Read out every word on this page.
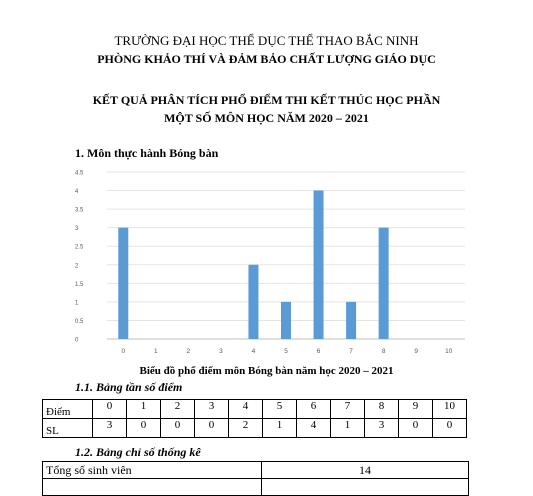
TRƯỜNG ĐẠI HỌC THỂ DỤC THỂ THAO BẮC NINH
PHÒNG KHẢO THÍ VÀ ĐẢM BẢO CHẤT LƯỢNG GIÁO DỤC
KẾT QUẢ PHÂN TÍCH PHỔ ĐIỂM THI KẾT THÚC HỌC PHẦN
MỘT SỐ MÔN HỌC NĂM 2020 – 2021
1. Môn thực hành Bóng bàn
0
0.5
1
1.5
2
2.5
3
3.5
4
4.5
0	1	2	3	4	5	6	7	8	9	10
Biểu đồ phổ điểm môn Bóng bàn năm học 2020 – 2021
1.1. Bảng tần số điểm
Điểm	0	1	2	3	4	5	6	7	8	9	10
SL	3	0	0	0	2	1	4	1	3	0	0
1.2. Bảng chỉ số thống kê
Tổng số sinh viên	14
